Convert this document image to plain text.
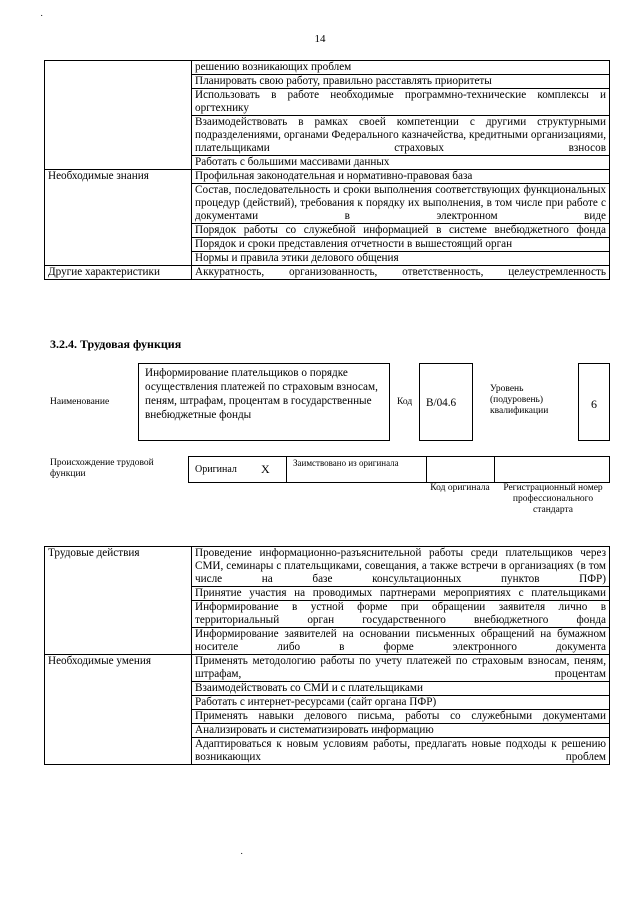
˙
14
	решению возникающих проблем
	Планировать свою работу, правильно расставлять приоритеты
	Использовать в работе необходимые программно-технические комплексы и оргтехнику
	Взаимодействовать в рамках своей компетенции с другими структурными подразделениями, органами Федерального казначейства, кредитными организациями, плательщиками страховых взносов
	Работать с большими массивами данных
Необходимые знания	Профильная законодательная и нормативно-правовая база
	Состав, последовательность и сроки выполнения соответствующих функциональных процедур (действий), требования к порядку их выполнения, в том числе при работе с документами в электронном виде
	Порядок работы со служебной информацией в системе внебюджетного фонда
	Порядок и сроки представления отчетности в вышестоящий орган
	Нормы и правила этики делового общения
Другие характеристики	Аккуратность, организованность, ответственность, целеустремленность
3.2.4. Трудовая функция
Наименование
Информирование плательщиков о порядке осуществления платежей по страховым взносам, пеням, штрафам, процентам в государственные внебюджетные фонды
Код B/04.6
Уровень (подуровень) квалификации	6
Происхождение трудовой функции	Оригинал X	Заимствовано из оригинала
Код оригинала	Регистрационный номер профессионального стандарта
Трудовые действия	Проведение информационно-разъяснительной работы среди плательщиков через СМИ, семинары с плательщиками, совещания, а также встречи в организациях (в том числе на базе консультационных пунктов ПФР)
	Принятие участия на проводимых партнерами мероприятиях с плательщиками
	Информирование в устной форме при обращении заявителя лично в территориальный орган государственного внебюджетного фонда
	Информирование заявителей на основании письменных обращений на бумажном носителе либо в форме электронного документа
Необходимые умения	Применять методологию работы по учету платежей по страховым взносам, пеням, штрафам, процентам
	Взаимодействовать со СМИ и с плательщиками
	Работать с интернет-ресурсами (сайт органа ПФР)
	Применять навыки делового письма, работы со служебными документами
	Анализировать и систематизировать информацию
	Адаптироваться к новым условиям работы, предлагать новые подходы к решению возникающих проблем
˙
